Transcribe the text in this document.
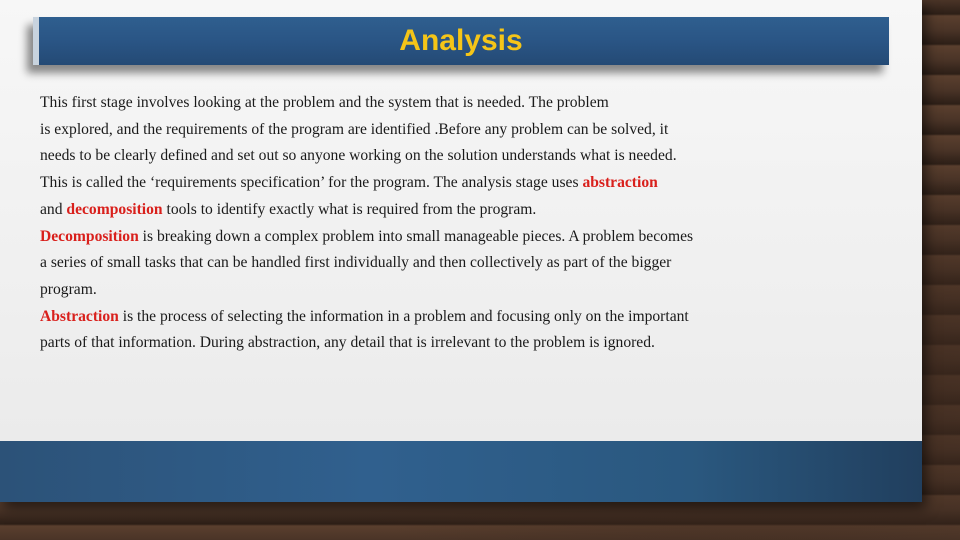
Analysis

This first stage involves looking at the problem and the system that is needed. The problem
is explored, and the requirements of the program are identified .Before any problem can be solved, it
needs to be clearly defined and set out so anyone working on the solution understands what is needed.
This is called the ‘requirements specification’ for the program. The analysis stage uses abstraction
and decomposition tools to identify exactly what is required from the program.

Decomposition is breaking down a complex problem into small manageable pieces. A problem becomes
a series of small tasks that can be handled first individually and then collectively as part of the bigger
program.

Abstraction is the process of selecting the information in a problem and focusing only on the important
parts of that information. During abstraction, any detail that is irrelevant to the problem is ignored.
